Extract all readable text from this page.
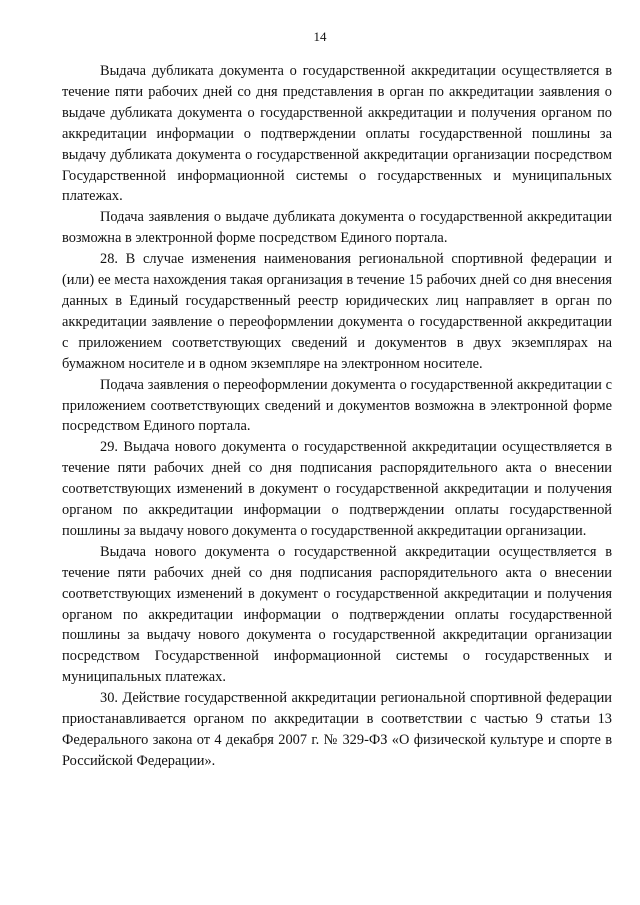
14

Выдача дубликата документа о государственной аккредитации осуществляется в течение пяти рабочих дней со дня представления в орган по аккредитации заявления о выдаче дубликата документа о государственной аккредитации и получения органом по аккредитации информации о подтверждении оплаты государственной пошлины за выдачу дубликата документа о государственной аккредитации организации посредством Государственной информационной системы о государственных и муниципальных платежах.

Подача заявления о выдаче дубликата документа о государственной аккредитации возможна в электронной форме посредством Единого портала.

28. В случае изменения наименования региональной спортивной федерации и (или) ее места нахождения такая организация в течение 15 рабочих дней со дня внесения данных в Единый государственный реестр юридических лиц направляет в орган по аккредитации заявление о переоформлении документа о государственной аккредитации с приложением соответствующих сведений и документов в двух экземплярах на бумажном носителе и в одном экземпляре на электронном носителе.

Подача заявления о переоформлении документа о государственной аккредитации с приложением соответствующих сведений и документов возможна в электронной форме посредством Единого портала.

29. Выдача нового документа о государственной аккредитации осуществляется в течение пяти рабочих дней со дня подписания распорядительного акта о внесении соответствующих изменений в документ о государственной аккредитации и получения органом по аккредитации информации о подтверждении оплаты государственной пошлины за выдачу нового документа о государственной аккредитации организации.

Выдача нового документа о государственной аккредитации осуществляется в течение пяти рабочих дней со дня подписания распорядительного акта о внесении соответствующих изменений в документ о государственной аккредитации и получения органом по аккредитации информации о подтверждении оплаты государственной пошлины за выдачу нового документа о государственной аккредитации организации посредством Государственной информационной системы о государственных и муниципальных платежах.

30. Действие государственной аккредитации региональной спортивной федерации приостанавливается органом по аккредитации в соответствии с частью 9 статьи 13 Федерального закона от 4 декабря 2007 г. № 329-ФЗ «О физической культуре и спорте в Российской Федерации».
